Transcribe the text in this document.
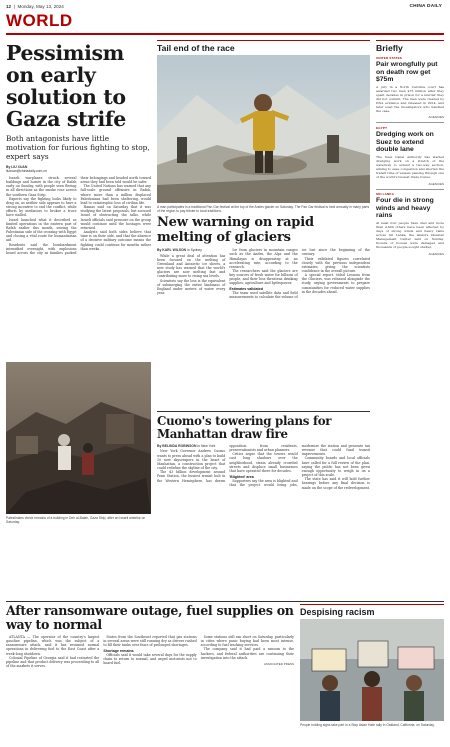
12  |  Monday, May 13, 2024	CHINA DAILY
WORLD
Pessimism on early solution to Gaza strife

Both antagonists have little motivation for furious fighting to stop, expert says

By LIU XUAN
liuxuan@chinadaily.com.cn

Israeli warplanes struck several buildings and homes in the city of Rafah early on Sunday, with people seen fleeing in all directions as the smoke rose across the southern Gaza Strip.

Experts say the fighting looks likely to drag on, as neither side appears to have a strong incentive to end the conflict, while efforts by mediators to broker a truce have stalled.

Israel launched what it described as limited operations in the eastern part of Rafah earlier this month, seizing the Palestinian side of the crossing with Egypt and closing a vital route for humanitarian aid.

Residents said the bombardment intensified overnight, with explosions heard across the city as families packed their belongings and headed north toward areas they had been told would be safer.

The United Nations has warned that any full-scale ground offensive in Rafah, where more than a million displaced Palestinians had been sheltering, would lead to catastrophic loss of civilian life.

Hamas said on Saturday that it was studying the latest proposals, but accused Israel of obstructing the talks, while Israeli officials said pressure on the group would continue until the hostages were returned.

Analysts said both sides believe that time is on their side, and that the absence of a decisive military outcome means the fighting could continue for months rather than weeks.

Palestinians check remains of a building in Deir al-Balah, Gaza Strip, after an Israeli airstrike on Saturday.

Tail end of the race

A man participates in a traditional Pan Gar festival at the top of the Andes glacier on Saturday. The Pan Gar festival is held annually in many parts of the region to pay tribute to local traditions.

New warning on rapid melting of glaciers
By KARL WILSON in Sydney

While a great deal of attention has been focused on the melting of Greenland and Antarctic ice sheets, a new study has warned that the world's glaciers are now melting fast and contributing more to rising sea levels.

Scientists say the loss is the equivalent of submerging the entire landmass of England under meters of water every year.

Ice from glaciers in mountain ranges such as the Andes, the Alps and the Himalayas is disappearing at an accelerating rate, according to the research.

The researchers said the glaciers are key sources of fresh water for billions of people, and their loss threatens drinking supplies, agriculture and hydropower.

Estimates validated

The team used satellite data and field measurements to calculate the volume of ice lost since the beginning of the century.

Their validated figures correlated closely with the previous independent estimates, giving the scientists confidence in the overall picture.

A special report, titled Lessons from the Glaciers, was released alongside the study, urging governments to prepare communities for reduced water supplies in the decades ahead.

Cuomo's towering plans for Manhattan draw fire
By BELINDA ROBINSON in New York

New York Governor Andrew Cuomo wants to press ahead with a plan to build 10 new skyscrapers in the heart of Manhattan, a construction project that could redefine the skyline of the city.

The $3 billion development around Penn Station, the busiest transit hub in the Western Hemisphere, has drawn opposition from residents, preservationists and urban planners.

Critics argue that the towers would cast long shadows over the neighborhood, strain already crowded streets and displace small businesses that have operated there for decades.

'Blighted' area

Supporters say the area is blighted and that the project would bring jobs, modernize the station and generate tax revenue that could fund transit improvements.

Community boards and local officials have called for a full review of the plan, saying the public has not been given enough opportunity to weigh in on a project of this scale.

The state has said it will hold further hearings before any final decision is made on the scope of the redevelopment.

Briefly
UNITED STATES
Pair wrongfully put on death row get $75m

A jury in a North Carolina court has awarded two men $75 million after they spent decades in prison for a murder they did not commit. The men were cleared by DNA evidence and released in 2014, and later sued the investigators who handled the case.

AGENCIES
EGYPT
Dredging work on Suez to extend double lane

The Suez Canal Authority has started dredging work on a stretch of the waterway to extend a two-way section, aiming to ease congestion and shorten the transit time of vessels passing through one of the world's busiest trade routes.

AGENCIES
SRI LANKA
Four die in strong winds and heavy rains

At least four people have died and more than 4,600 others have been affected by days of strong winds and heavy rains across Sri Lanka, the island's Disaster Management Center said on Sunday. Dozens of houses were damaged and thousands of people sought shelter.

AGENCIES
After ransomware outage, fuel supplies on way to normal

ATLANTA — The operator of the country's largest gasoline pipeline, which was the subject of a ransomware attack, said it has resumed normal operations in delivering fuel to the East Coast after a week-long shutdown.

Colonial Pipeline of Georgia said it had restarted the pipeline and that product delivery was proceeding to all of the markets it serves.

States from the Southeast reported that gas stations in several areas were still running dry as drivers rushed to fill their tanks over fears of prolonged shortages.

Shortage remains

Officials said it would take several days for the supply chain to return to normal, and urged motorists not to hoard fuel.

Some stations still ran short on Saturday, particularly in cities where panic buying had been most intense, according to fuel tracking services.

The company said it had paid a ransom to the hackers, and federal authorities are continuing their investigation into the attack.

ASSOCIATED PRESS
Despising racism

People holding signs take part in a Stop Asian Hate rally in Oakland, California, on Saturday.
